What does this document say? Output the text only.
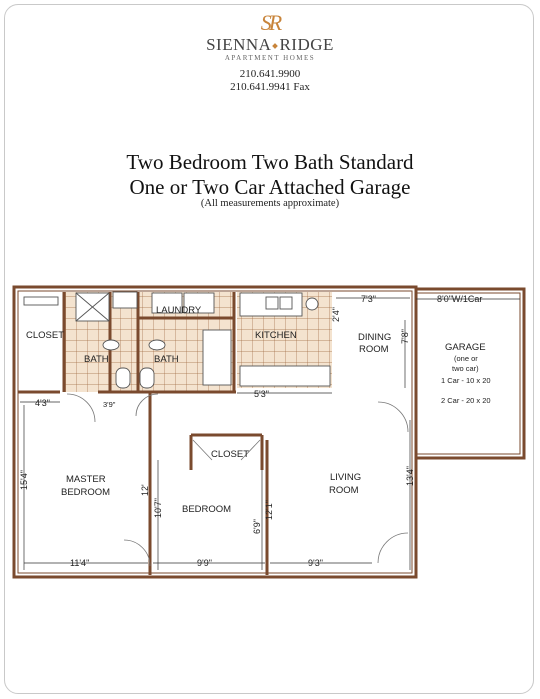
SR
SIENNA RIDGE
APARTMENT HOMES
210.641.9900
210.641.9941 Fax
Two Bedroom Two Bath Standard
One or Two Car Attached Garage
(All measurements approximate)
CLOSET
LAUNDRY
BATH	BATH
KITCHEN	DINING
ROOM	GARAGE
(one or
two car)
1 Car - 10 x 20
2 Car - 20 x 20
CLOSET
MASTER
BEDROOM
BEDROOM
LIVING
ROOM
7'3"	8'0"W/1Car
2'4"
7'8"
5'3"
4'3"	3'9"
15'4"
12'
10'7"
6'9"
12'1"
13'4"
11'4"	9'9"	9'3"
